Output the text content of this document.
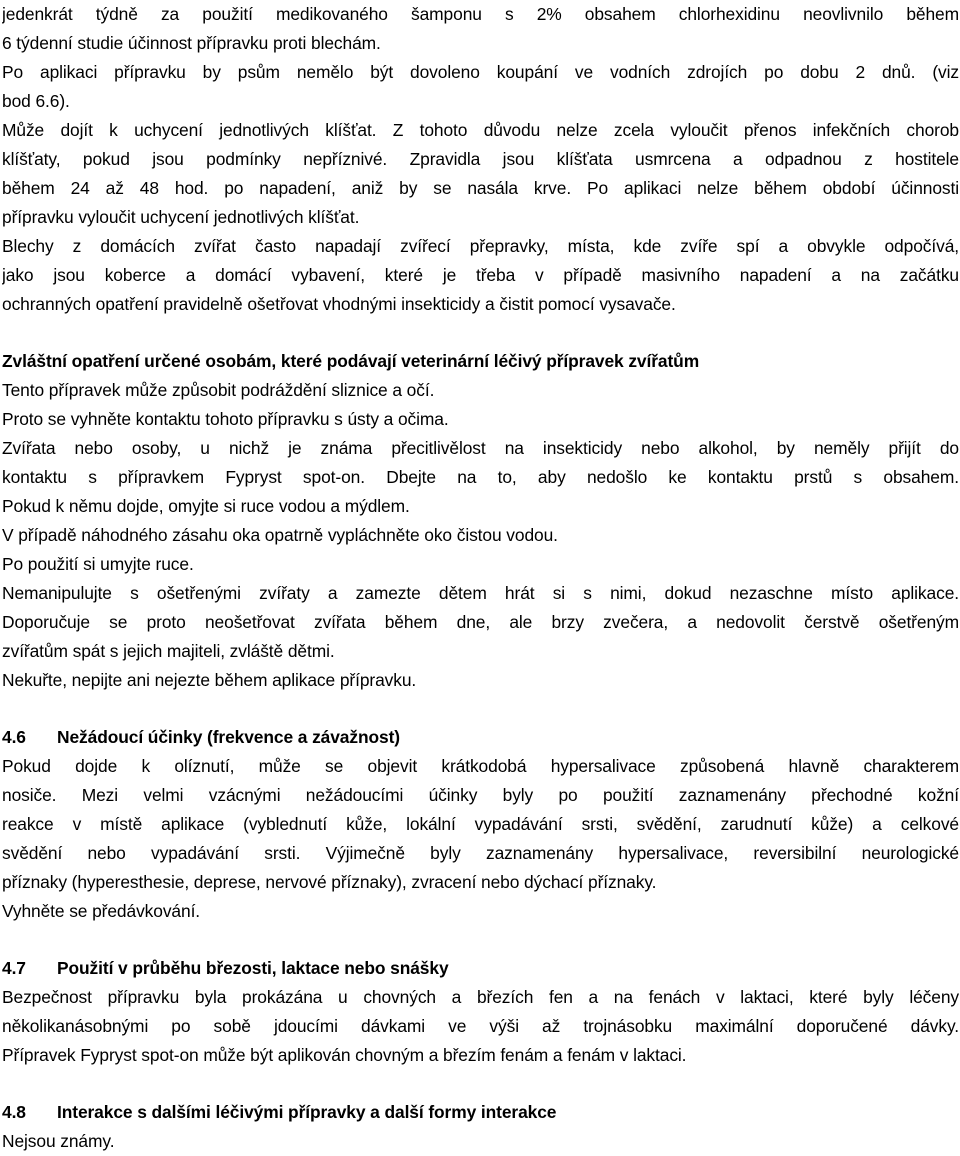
jedenkrát týdně za použití medikovaného šamponu s 2% obsahem chlorhexidinu neovlivnilo během
6 týdenní studie účinnost přípravku proti blechám.
Po aplikaci přípravku by psům nemělo být dovoleno koupání ve vodních zdrojích po dobu 2 dnů. (viz
bod 6.6).
Může dojít k uchycení jednotlivých klíšťat. Z tohoto důvodu nelze zcela vyloučit přenos infekčních chorob
klíšťaty, pokud jsou podmínky nepříznivé. Zpravidla jsou klíšťata usmrcena a odpadnou z hostitele
během 24 až 48 hod. po napadení, aniž by se nasála krve. Po aplikaci nelze během období účinnosti
přípravku vyloučit uchycení jednotlivých klíšťat.
Blechy z domácích zvířat často napadají zvířecí přepravky, místa, kde zvíře spí a obvykle odpočívá,
jako jsou koberce a domácí vybavení, které je třeba v případě masivního napadení a na začátku
ochranných opatření pravidelně ošetřovat vhodnými insekticidy a čistit pomocí vysavače.
Zvláštní opatření určené osobám, které podávají veterinární léčivý přípravek zvířatům
Tento přípravek může způsobit podráždění sliznice a očí.
Proto se vyhněte kontaktu tohoto přípravku s ústy a očima.
Zvířata nebo osoby, u nichž je známa přecitlivělost na insekticidy nebo alkohol, by neměly přijít do
kontaktu s přípravkem Fypryst spot-on. Dbejte na to, aby nedošlo ke kontaktu prstů s obsahem.
Pokud k němu dojde, omyjte si ruce vodou a mýdlem.
V případě náhodného zásahu oka opatrně vypláchněte oko čistou vodou.
Po použití si umyjte ruce.
Nemanipulujte s ošetřenými zvířaty a zamezte dětem hrát si s nimi, dokud nezaschne místo aplikace.
Doporučuje se proto neošetřovat zvířata během dne, ale brzy zvečera, a nedovolit čerstvě ošetřeným
zvířatům spát s jejich majiteli, zvláště dětmi.
Nekuřte, nepijte ani nejezte během aplikace přípravku.
4.6 Nežádoucí účinky (frekvence a závažnost)
Pokud dojde k olíznutí, může se objevit krátkodobá hypersalivace způsobená hlavně charakterem
nosiče. Mezi velmi vzácnými nežádoucími účinky byly po použití zaznamenány přechodné kožní
reakce v místě aplikace (vyblednutí kůže, lokální vypadávání srsti, svědění, zarudnutí kůže) a celkové
svědění nebo vypadávání srsti. Výjimečně byly zaznamenány hypersalivace, reversibilní neurologické
příznaky (hyperesthesie, deprese, nervové příznaky), zvracení nebo dýchací příznaky.
Vyhněte se předávkování.
4.7 Použití v průběhu březosti, laktace nebo snášky
Bezpečnost přípravku byla prokázána u chovných a březích fen a na fenách v laktaci, které byly léčeny
několikanásobnými po sobě jdoucími dávkami ve výši až trojnásobku maximální doporučené dávky.
Přípravek Fypryst spot-on může být aplikován chovným a březím fenám a fenám v laktaci.
4.8 Interakce s dalšími léčivými přípravky a další formy interakce
Nejsou známy.
